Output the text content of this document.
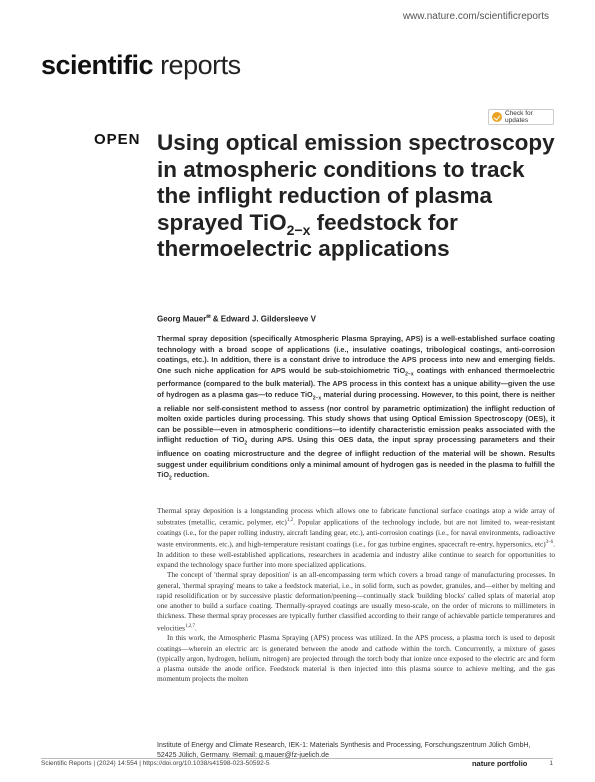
www.nature.com/scientificreports
scientific reports
Check for updates
OPEN Using optical emission spectroscopy in atmospheric conditions to track the inflight reduction of plasma sprayed TiO$_{2-x}$ feedstock for thermoelectric applications
Georg Mauer✉ & Edward J. Gildersleeve V

Thermal spray deposition (specifically Atmospheric Plasma Spraying, APS) is a well-established surface coating technology with a broad scope of applications (i.e., insulative coatings, tribological coatings, anti-corrosion coatings, etc.). In addition, there is a constant drive to introduce the APS process into new and emerging fields. One such niche application for APS would be sub-stoichiometric TiO$_{2-x}$ coatings with enhanced thermoelectric performance (compared to the bulk material). The APS process in this context has a unique ability—given the use of hydrogen as a plasma gas—to reduce TiO$_{2-x}$ material during processing. However, to this point, there is neither a reliable nor self-consistent method to assess (nor control by parametric optimization) the inflight reduction of molten oxide particles during processing. This study shows that using Optical Emission Spectroscopy (OES), it can be possible—even in atmospheric conditions—to identify characteristic emission peaks associated with the inflight reduction of TiO$_2$ during APS. Using this OES data, the input spray processing parameters and their influence on coating microstructure and the degree of inflight reduction of the material will be shown. Results suggest under equilibrium conditions only a minimal amount of hydrogen gas is needed in the plasma to fulfill the TiO$_2$ reduction.

Thermal spray deposition is a longstanding process which allows one to fabricate functional surface coatings atop a wide array of substrates (metallic, ceramic, polymer, etc)$^{1,2}$. Popular applications of the technology include, but are not limited to, wear-resistant coatings (i.e., for the paper rolling industry, aircraft landing gear, etc.), anti-corrosion coatings (i.e., for naval environments, radioactive waste environments, etc.), and high-temperature resistant coatings (i.e., for gas turbine engines, spacecraft re-entry, hypersonics, etc)$^{3-6}$. In addition to these well-established applications, researchers in academia and industry alike continue to search for opportunities to expand the technology space further into more specialized applications.

The concept of 'thermal spray deposition' is an all-encompassing term which covers a broad range of manufacturing processes. In general, 'thermal spraying' means to take a feedstock material, i.e., in solid form, such as powder, granules, and—either by melting and rapid resolidification or by successive plastic deformation/peening—continually stack 'building blocks' called splats of material atop one another to build a surface coating. Thermally-sprayed coatings are usually meso-scale, on the order of microns to millimeters in thickness. These thermal spray processes are typically further classified according to their range of achievable particle temperatures and velocities$^{1,2,7}$.

In this work, the Atmospheric Plasma Spraying (APS) process was utilized. In the APS process, a plasma torch is used to deposit coatings—wherein an electric arc is generated between the anode and cathode within the torch. Concurrently, a mixture of gases (typically argon, hydrogen, helium, nitrogen) are projected through the torch body that ionize once exposed to the electric arc and form a plasma outside the anode orifice. Feedstock material is then injected into this plasma source to achieve melting, and the gas momentum projects the molten

Institute of Energy and Climate Research, IEK-1: Materials Synthesis and Processing, Forschungszentrum Jülich GmbH, 52425 Jülich, Germany. ✉email: g.mauer@fz-juelich.de
Scientific Reports | (2024) 14:554 | https://doi.org/10.1038/s41598-023-50592-5	nature portfolio	1
